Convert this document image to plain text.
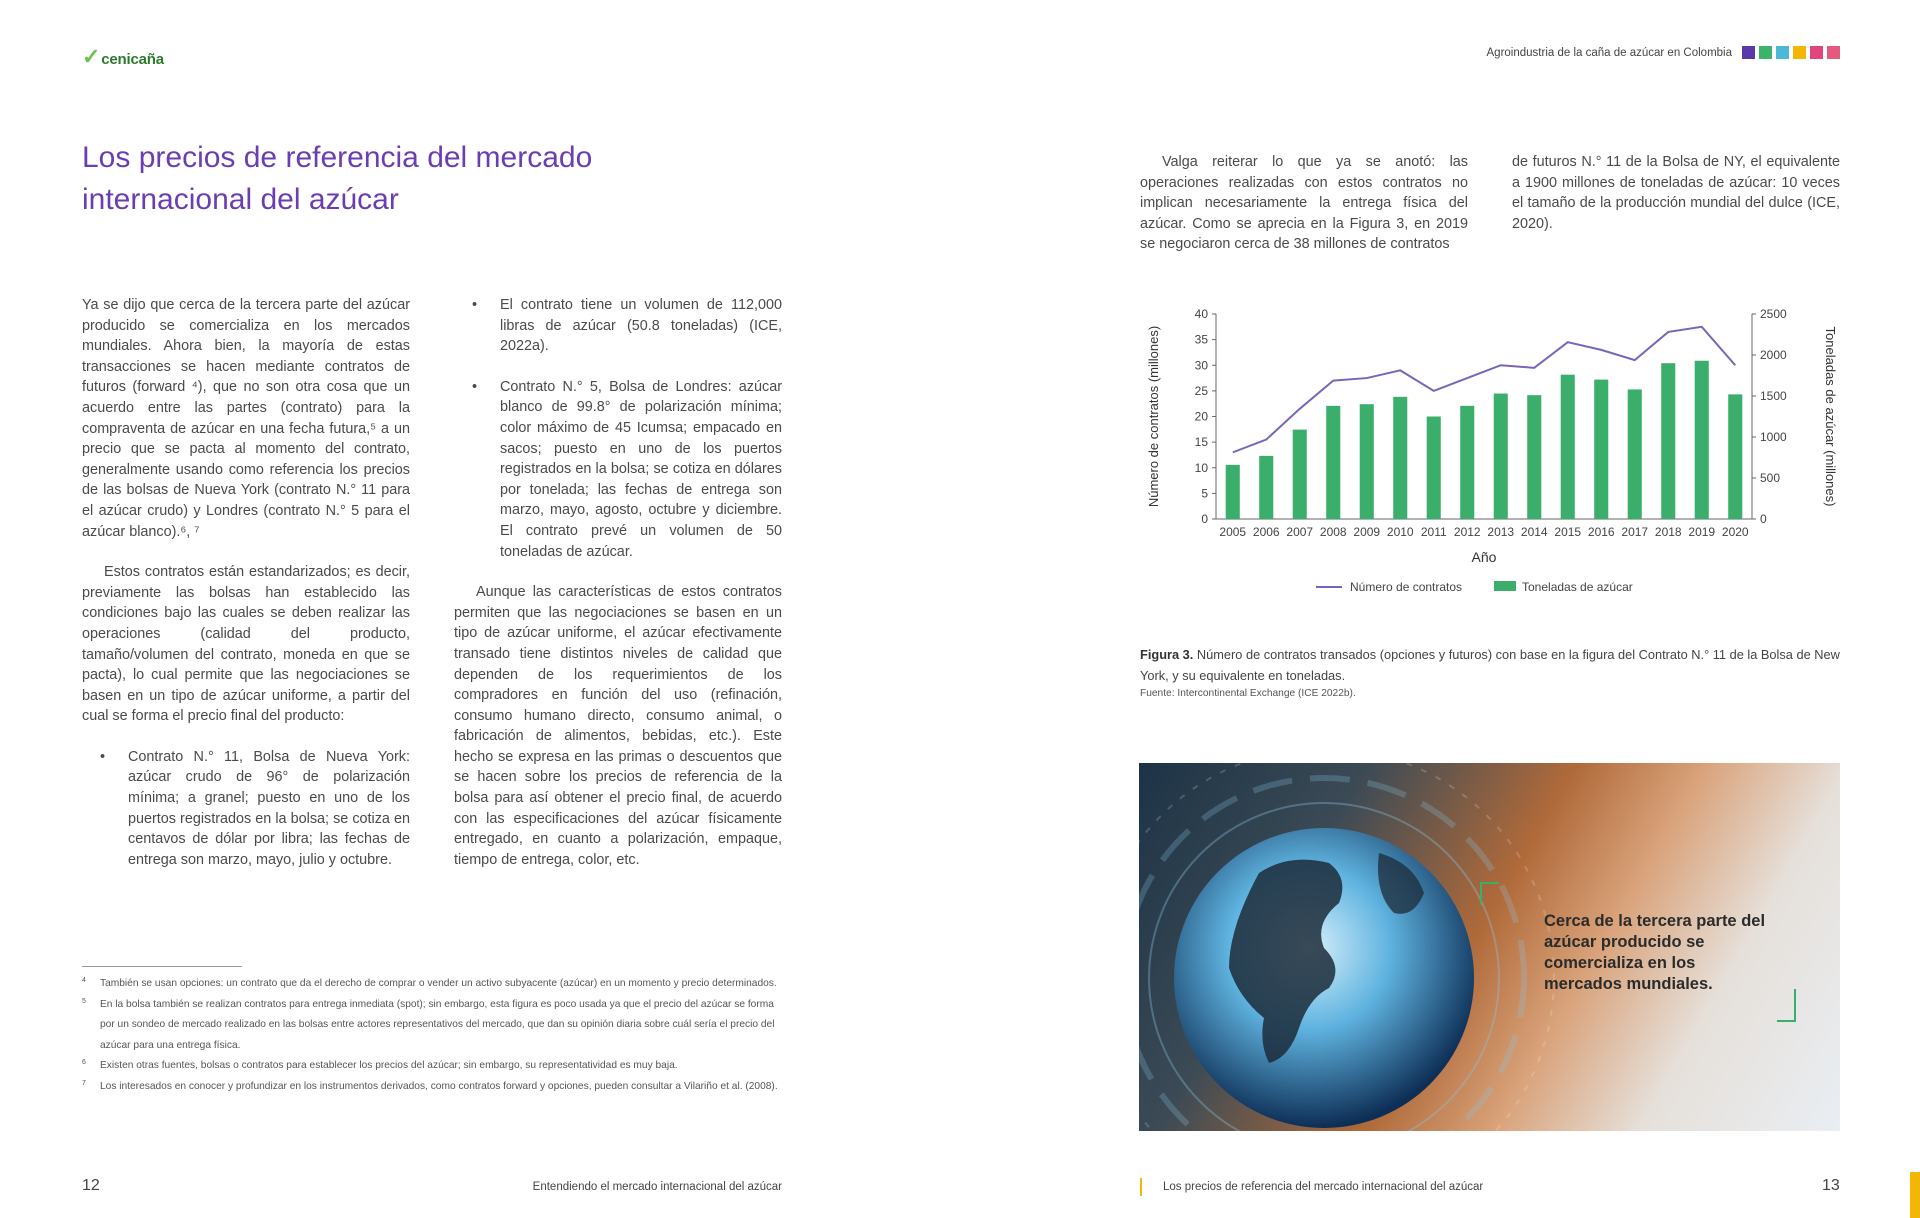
✓cenicaña
Los precios de referencia del mercado internacional del azúcar

Ya se dijo que cerca de la tercera parte del azúcar producido se comercializa en los mercados mundiales. Ahora bien, la mayoría de estas transacciones se hacen mediante contratos de futuros (forward ⁴), que no son otra cosa que un acuerdo entre las partes (contrato) para la compraventa de azúcar en una fecha futura,⁵ a un precio que se pacta al momento del contrato, generalmente usando como referencia los precios de las bolsas de Nueva York (contrato N.° 11 para el azúcar crudo) y Londres (contrato N.° 5 para el azúcar blanco).⁶, ⁷

Estos contratos están estandarizados; es decir, previamente las bolsas han establecido las condiciones bajo las cuales se deben realizar las operaciones (calidad del producto, tamaño/volumen del contrato, moneda en que se pacta), lo cual permite que las negociaciones se basen en un tipo de azúcar uniforme, a partir del cual se forma el precio final del producto:

• Contrato N.° 11, Bolsa de Nueva York: azúcar crudo de 96° de polarización mínima; a granel; puesto en uno de los puertos registrados en la bolsa; se cotiza en centavos de dólar por libra; las fechas de entrega son marzo, mayo, julio y octubre.
• El contrato tiene un volumen de 112,000 libras de azúcar (50.8 toneladas) (ICE, 2022a).
• Contrato N.° 5, Bolsa de Londres: azúcar blanco de 99.8° de polarización mínima; color máximo de 45 Icumsa; empacado en sacos; puesto en uno de los puertos registrados en la bolsa; se cotiza en dólares por tonelada; las fechas de entrega son marzo, mayo, agosto, octubre y diciembre. El contrato prevé un volumen de 50 toneladas de azúcar.

Aunque las características de estos contratos permiten que las negociaciones se basen en un tipo de azúcar uniforme, el azúcar efectivamente transado tiene distintos niveles de calidad que dependen de los requerimientos de los compradores en función del uso (refinación, consumo humano directo, consumo animal, o fabricación de alimentos, bebidas, etc.). Este hecho se expresa en las primas o descuentos que se hacen sobre los precios de referencia de la bolsa para así obtener el precio final, de acuerdo con las especificaciones del azúcar físicamente entregado, en cuanto a polarización, empaque, tiempo de entrega, color, etc.

4 También se usan opciones: un contrato que da el derecho de comprar o vender un activo subyacente (azúcar) en un momento y precio determinados.
5 En la bolsa también se realizan contratos para entrega inmediata (spot); sin embargo, esta figura es poco usada ya que el precio del azúcar se forma por un sondeo de mercado realizado en las bolsas entre actores representativos del mercado, que dan su opinión diaria sobre cuál sería el precio del azúcar para una entrega física.
6 Existen otras fuentes, bolsas o contratos para establecer los precios del azúcar; sin embargo, su representatividad es muy baja.
7 Los interesados en conocer y profundizar en los instrumentos derivados, como contratos forward y opciones, pueden consultar a Vilariño et al. (2008).
12	Entendiendo el mercado internacional del azúcar
Agroindustria de la caña de azúcar en Colombia

Valga reiterar lo que ya se anotó: las operaciones realizadas con estos contratos no implican necesariamente la entrega física del azúcar. Como se aprecia en la Figura 3, en 2019 se negociaron cerca de 38 millones de contratos

de futuros N.° 11 de la Bolsa de NY, el equivalente a 1900 millones de toneladas de azúcar: 10 veces el tamaño de la producción mundial del dulce (ICE, 2020).

0
5
10
15
20
25
30
35
40
0
500
1000
1500
2000
2500
2005 2006 2007 2008 2009 2010 2011 2012 2013 2014 2015 2016 2017 2018 2019 2020
Año
Número de contratos (millones)	Toneladas de azúcar (millones)
Número de contratos	Toneladas de azúcar
Figura 3. Número de contratos transados (opciones y futuros) con base en la figura del Contrato N.° 11 de la Bolsa de New York, y su equivalente en toneladas.
Fuente: Intercontinental Exchange (ICE 2022b).
Cerca de la tercera parte del azúcar producido se comercializa en los mercados mundiales.
Los precios de referencia del mercado internacional del azúcar	13
